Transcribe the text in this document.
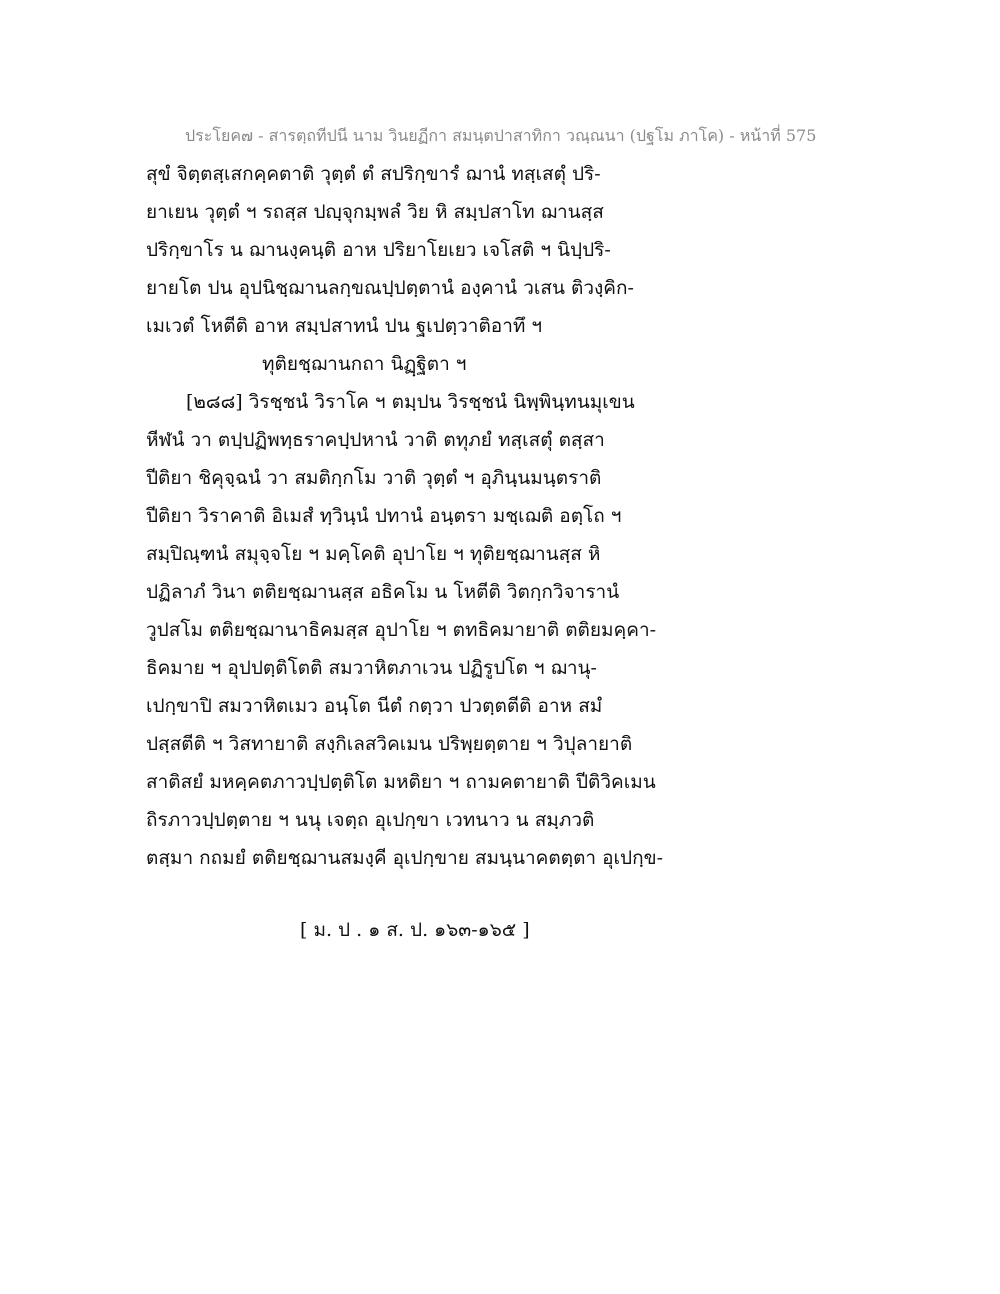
ประโยค๗ - สารตฺถทีปนี นาม วินยฏีกา สมนฺตปาสาทิกา วณฺณนา (ปฐโม ภาโค) - หน้าที่ 575
สุขํ จิตฺตสฺเสกคฺคตาติ วุตฺตํ ตํ สปริกฺขารํ ฌานํ ทสฺเสตุํ ปริ-
ยาเยน วุตฺตํ ฯ รถสฺส ปญฺจุกมฺพลํ วิย หิ สมฺปสาโท ฌานสฺส
ปริกฺขาโร น ฌานงฺคนฺติ อาห ปริยาโยเยว เจโสติ ฯ นิปฺปริ-
ยายโต ปน อุปนิชฺฌานลกฺขณปฺปตฺตานํ องฺคานํ วเสน ติวงฺคิก-
เมเวตํ โหตีติ อาห สมฺปสาทนํ ปน ฐเปตฺวาติอาทึ ฯ
ทุติยชฺฌานกถา นิฏฺฐิตา ฯ
[๒๘๘] วิรชฺชนํ วิราโค ฯ ตมฺปน วิรชฺชนํ นิพฺพินฺทนมุเขน
หีฬนํ วา ตปฺปฏิพทฺธราคปฺปหานํ วาติ ตทุภยํ ทสฺเสตุํ ตสฺสา
ปีติยา ชิคุจฺฉนํ วา สมติกฺกโม วาติ วุตฺตํ ฯ อุภินฺนมนฺตราติ
ปีติยา วิราคาติ อิเมสํ ทฺวินฺนํ ปทานํ อนฺตรา มชฺเฌติ อตฺโถ ฯ
สมฺปิณฺฑนํ สมุจฺจโย ฯ มคฺโคติ อุปาโย ฯ ทุติยชฺฌานสฺส หิ
ปฏิลาภํ วินา ตติยชฺฌานสฺส อธิคโม น โหตีติ วิตกฺกวิจารานํ
วูปสโม ตติยชฺฌานาธิคมสฺส อุปาโย ฯ ตทธิคมายาติ ตติยมคฺคา-
ธิคมาย ฯ อุปปตฺติโตติ สมวาหิตภาเวน ปฏิรูปโต ฯ ฌานุ-
เปกฺขาปิ สมวาหิตเมว อนฺโต นีตํ กตฺวา ปวตฺตตีติ อาห สมํ
ปสฺสตีติ ฯ วิสทายาติ สงฺกิเลสวิคเมน ปริพฺยตฺตาย ฯ วิปุลายาติ
สาติสยํ มหคฺคตภาวปฺปตฺติโต มหติยา ฯ ถามคตายาติ ปีติวิคเมน
ถิรภาวปฺปตฺตาย ฯ นนุ เจตฺถ อุเปกฺขา เวทนาว น สมฺภวติ
ตสฺมา กถมยํ ตติยชฺฌานสมงฺคี อุเปกฺขาย สมนฺนาคตตฺตา อุเปกฺข-
[ ม. ป . ๑ ส. ป. ๑๖๓-๑๖๕ ]
